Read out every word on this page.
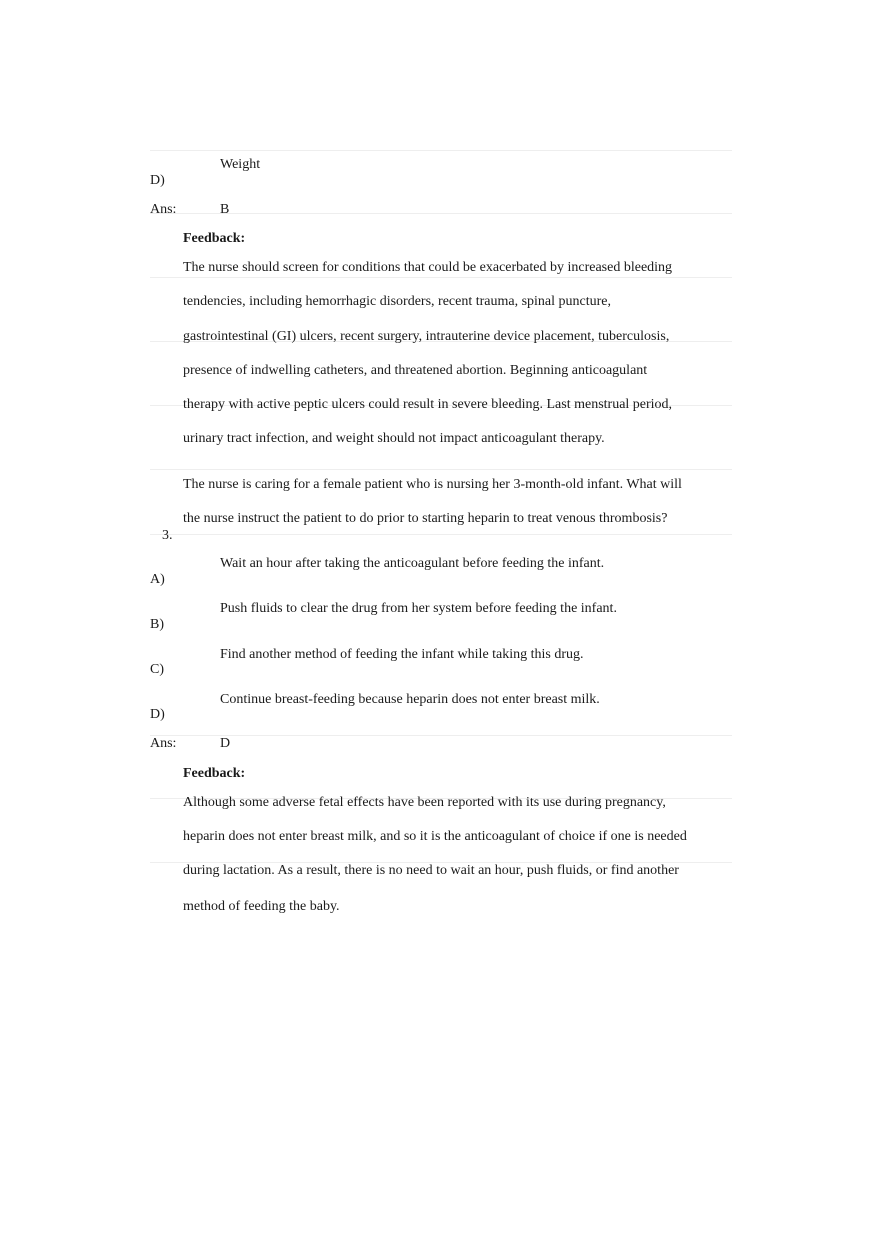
Weight
D)
Ans:	B
Feedback:
The nurse should screen for conditions that could be exacerbated by increased bleeding
tendencies, including hemorrhagic disorders, recent trauma, spinal puncture,
gastrointestinal (GI) ulcers, recent surgery, intrauterine device placement, tuberculosis,
presence of indwelling catheters, and threatened abortion. Beginning anticoagulant
therapy with active peptic ulcers could result in severe bleeding. Last menstrual period,
urinary tract infection, and weight should not impact anticoagulant therapy.
The nurse is caring for a female patient who is nursing her 3-month-old infant. What will
the nurse instruct the patient to do prior to starting heparin to treat venous thrombosis?
3.
Wait an hour after taking the anticoagulant before feeding the infant.
A)
Push fluids to clear the drug from her system before feeding the infant.
B)
Find another method of feeding the infant while taking this drug.
C)
Continue breast-feeding because heparin does not enter breast milk.
D)
Ans:	D
Feedback:
Although some adverse fetal effects have been reported with its use during pregnancy,
heparin does not enter breast milk, and so it is the anticoagulant of choice if one is needed
during lactation. As a result, there is no need to wait an hour, push fluids, or find another
method of feeding the baby.
